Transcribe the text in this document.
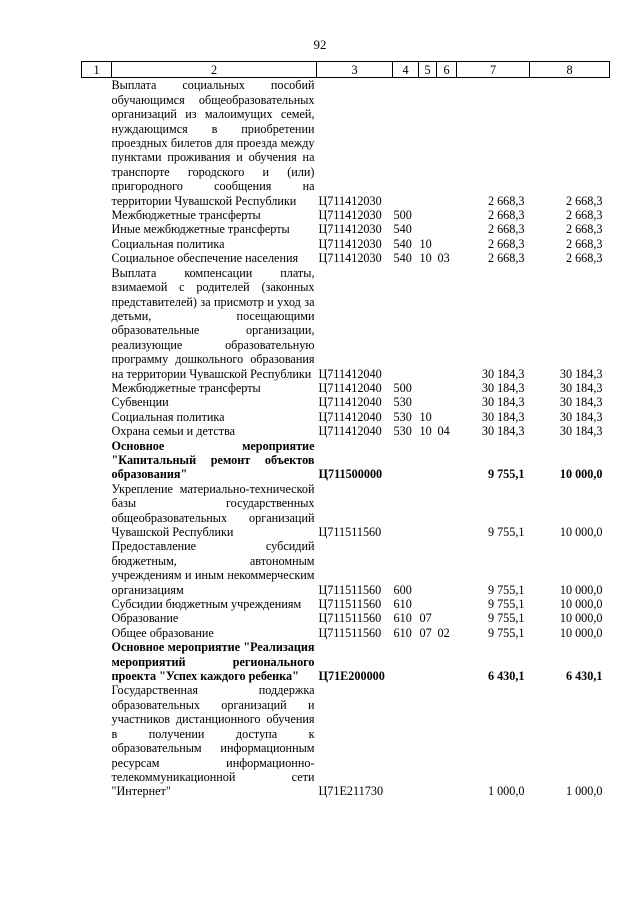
92
1	2	3	4	5	6	7	8
	Выплата социальных пособий обучающимся общеобразовательных организаций из малоимущих семей, нуждающимся в приобретении проездных билетов для проезда между пунктами проживания и обучения на транспорте городского и (или) пригородного сообщения на территории Чувашской Республики	Ц711412030				2 668,3	2 668,3
	Межбюджетные трансферты	Ц711412030	500			2 668,3	2 668,3
	Иные межбюджетные трансферты	Ц711412030	540			2 668,3	2 668,3
	Социальная политика	Ц711412030	540	10		2 668,3	2 668,3
	Социальное обеспечение населения	Ц711412030	540	10	03	2 668,3	2 668,3
	Выплата компенсации платы, взимаемой с родителей (законных представителей) за присмотр и уход за детьми, посещающими образовательные организации, реализующие образовательную программу дошкольного образования на территории Чувашской Республики	Ц711412040				30 184,3	30 184,3
	Межбюджетные трансферты	Ц711412040	500			30 184,3	30 184,3
	Субвенции	Ц711412040	530			30 184,3	30 184,3
	Социальная политика	Ц711412040	530	10		30 184,3	30 184,3
	Охрана семьи и детства	Ц711412040	530	10	04	30 184,3	30 184,3
	Основное мероприятие "Капитальный ремонт объектов образования"	Ц711500000				9 755,1	10 000,0
	Укрепление материально-технической базы государственных общеобразовательных организаций Чувашской Республики	Ц711511560				9 755,1	10 000,0
	Предоставление субсидий бюджетным, автономным учреждениям и иным некоммерческим организациям	Ц711511560	600			9 755,1	10 000,0
	Субсидии бюджетным учреждениям	Ц711511560	610			9 755,1	10 000,0
	Образование	Ц711511560	610	07		9 755,1	10 000,0
	Общее образование	Ц711511560	610	07	02	9 755,1	10 000,0
	Основное мероприятие "Реализация мероприятий регионального проекта "Успех каждого ребенка"	Ц71Е200000				6 430,1	6 430,1
	Государственная поддержка образовательных организаций и участников дистанционного обучения в получении доступа к образовательным информационным ресурсам информационно-телекоммуникационной сети "Интернет"	Ц71Е211730				1 000,0	1 000,0
